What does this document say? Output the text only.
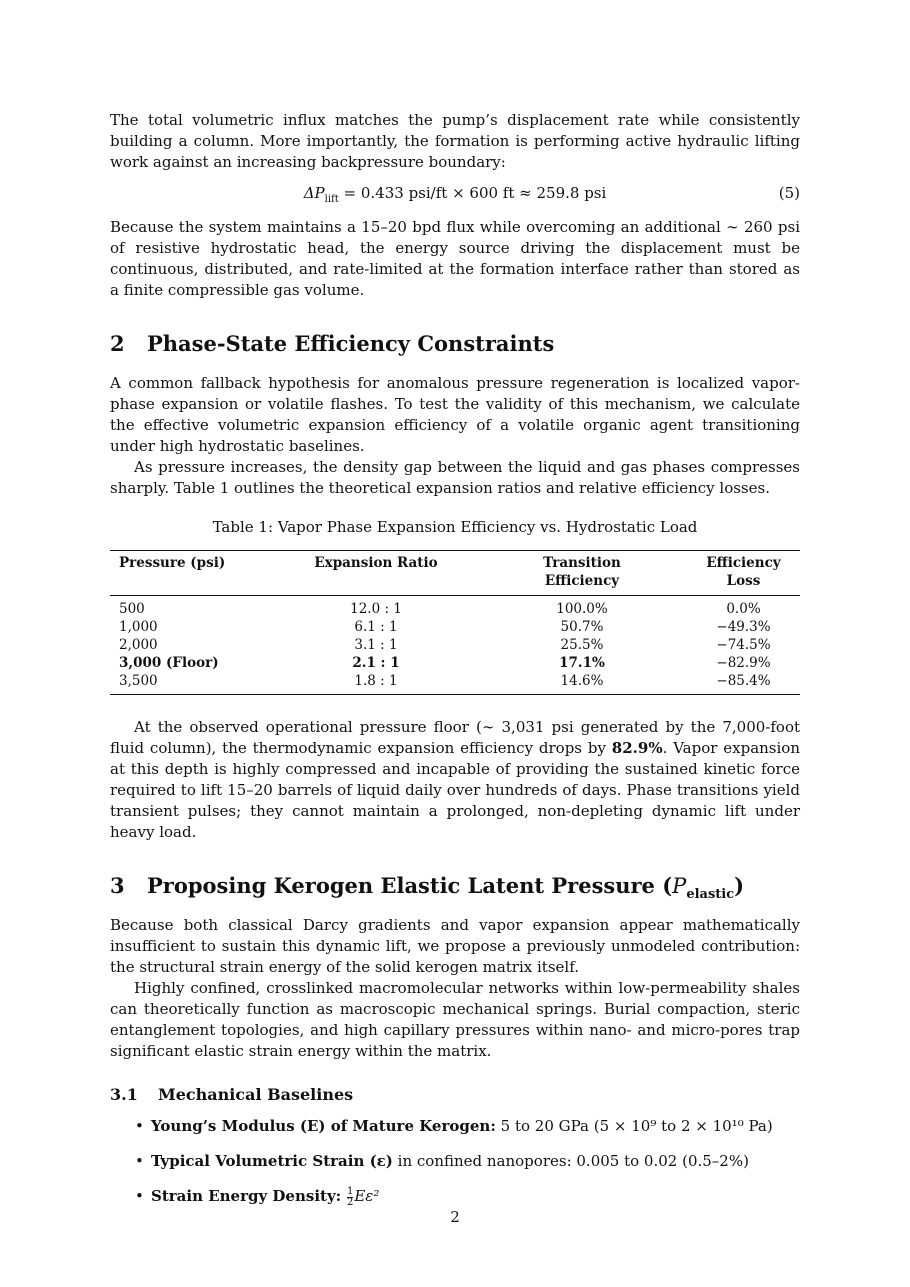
The total volumetric influx matches the pump’s displacement rate while consistently building a column. More importantly, the formation is performing active hydraulic lifting work against an increasing backpressure boundary:

$\Delta P_{lift} = 0.433$ psi/ft × 600 ft ≈ 259.8 psi	(5)

Because the system maintains a 15–20 bpd flux while overcoming an additional ∼ 260 psi of resistive hydrostatic head, the energy source driving the displacement must be continuous, distributed, and rate-limited at the formation interface rather than stored as a finite compressible gas volume.

2 Phase-State Efficiency Constraints

A common fallback hypothesis for anomalous pressure regeneration is localized vapor-phase expansion or volatile flashes. To test the validity of this mechanism, we calculate the effective volumetric expansion efficiency of a volatile organic agent transitioning under high hydrostatic baselines.

As pressure increases, the density gap between the liquid and gas phases compresses sharply. Table 1 outlines the theoretical expansion ratios and relative efficiency losses.

Table 1: Vapor Phase Expansion Efficiency vs. Hydrostatic Load
Pressure (psi)	Expansion Ratio	Transition Efficiency	Efficiency Loss
500	12.0 : 1	100.0%	0.0%
1,000	6.1 : 1	50.7%	−49.3%
2,000	3.1 : 1	25.5%	−74.5%
3,000 (Floor)	2.1 : 1	17.1%	−82.9%
3,500	1.8 : 1	14.6%	−85.4%

At the observed operational pressure floor (∼ 3,031 psi generated by the 7,000-foot fluid column), the thermodynamic expansion efficiency drops by 82.9%. Vapor expansion at this depth is highly compressed and incapable of providing the sustained kinetic force required to lift 15–20 barrels of liquid daily over hundreds of days. Phase transitions yield transient pulses; they cannot maintain a prolonged, non-depleting dynamic lift under heavy load.

3 Proposing Kerogen Elastic Latent Pressure $(P_{elastic})$

Because both classical Darcy gradients and vapor expansion appear mathematically insufficient to sustain this dynamic lift, we propose a previously unmodeled contribution: the structural strain energy of the solid kerogen matrix itself.

Highly confined, crosslinked macromolecular networks within low-permeability shales can theoretically function as macroscopic mechanical springs. Burial compaction, steric entanglement topologies, and high capillary pressures within nano- and micro-pores trap significant elastic strain energy within the matrix.

3.1 Mechanical Baselines
• Young’s Modulus (E) of Mature Kerogen: 5 to 20 GPa (5 × 10⁹ to 2 × 10¹⁰ Pa)
• Typical Volumetric Strain (ε) in confined nanopores: 0.005 to 0.02 (0.5–2%)
• Strain Energy Density: $\frac{1}{2} E\varepsilon^2$
2
